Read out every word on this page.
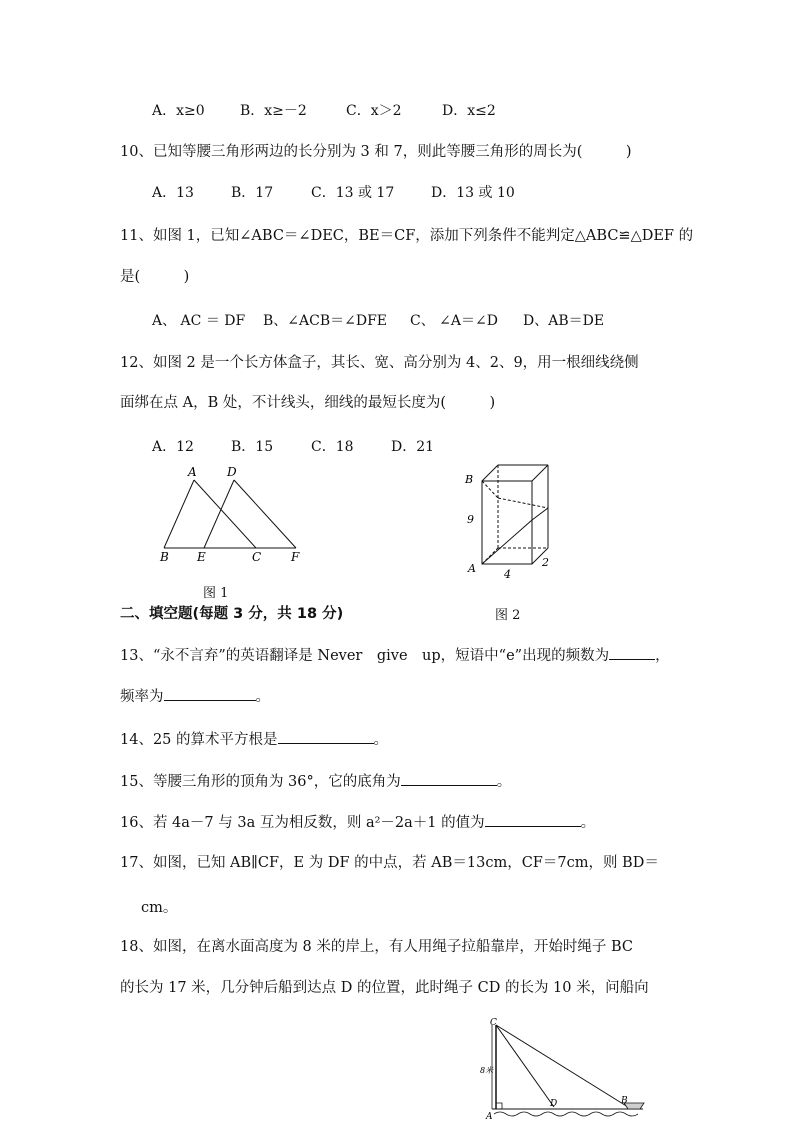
A．x≥0	B．x≥－2	C．x＞2	D．x≤2
10、已知等腰三角形两边的长分别为 3 和 7，则此等腰三角形的周长为(　　　)
A．13	B．17	C．13 或 17	D．13 或 10
11、如图 1，已知∠ABC＝∠DEC，BE＝CF，添加下列条件不能判定△ABC≌△DEF 的
是(　　　)
A、 AC ＝ DF B、∠ACB＝∠DFE C、 ∠A＝∠D D、AB＝DE
12、如图 2 是一个长方体盒子，其长、宽、高分别为 4、2、9，用一根细线绕侧
面绑在点 A，B 处，不计线头，细线的最短长度为(　　　)
A．12	B．15	C．18	D．21
A	D
B E	C F
图 1
B
A
9
4
2
二、填空题(每题 3 分，共 18 分)	图 2
13、“永不言弃”的英语翻译是 Never　give　up，短语中“e”出现的频数为	，
频率为	。
14、25 的算术平方根是	。
15、等腰三角形的顶角为 36°，它的底角为	。
16、若 4a－7 与 3a 互为相反数，则 a²－2a＋1 的值为	。
17、如图，已知 AB∥CF，E 为 DF 的中点，若 AB＝13cm，CF＝7cm，则 BD＝
cm。
18、如图，在离水面高度为 8 米的岸上，有人用绳子拉船靠岸，开始时绳子 BC
的长为 17 米，几分钟后船到达点 D 的位置，此时绳子 CD 的长为 10 米，问船向
C
A
D	B
8米
